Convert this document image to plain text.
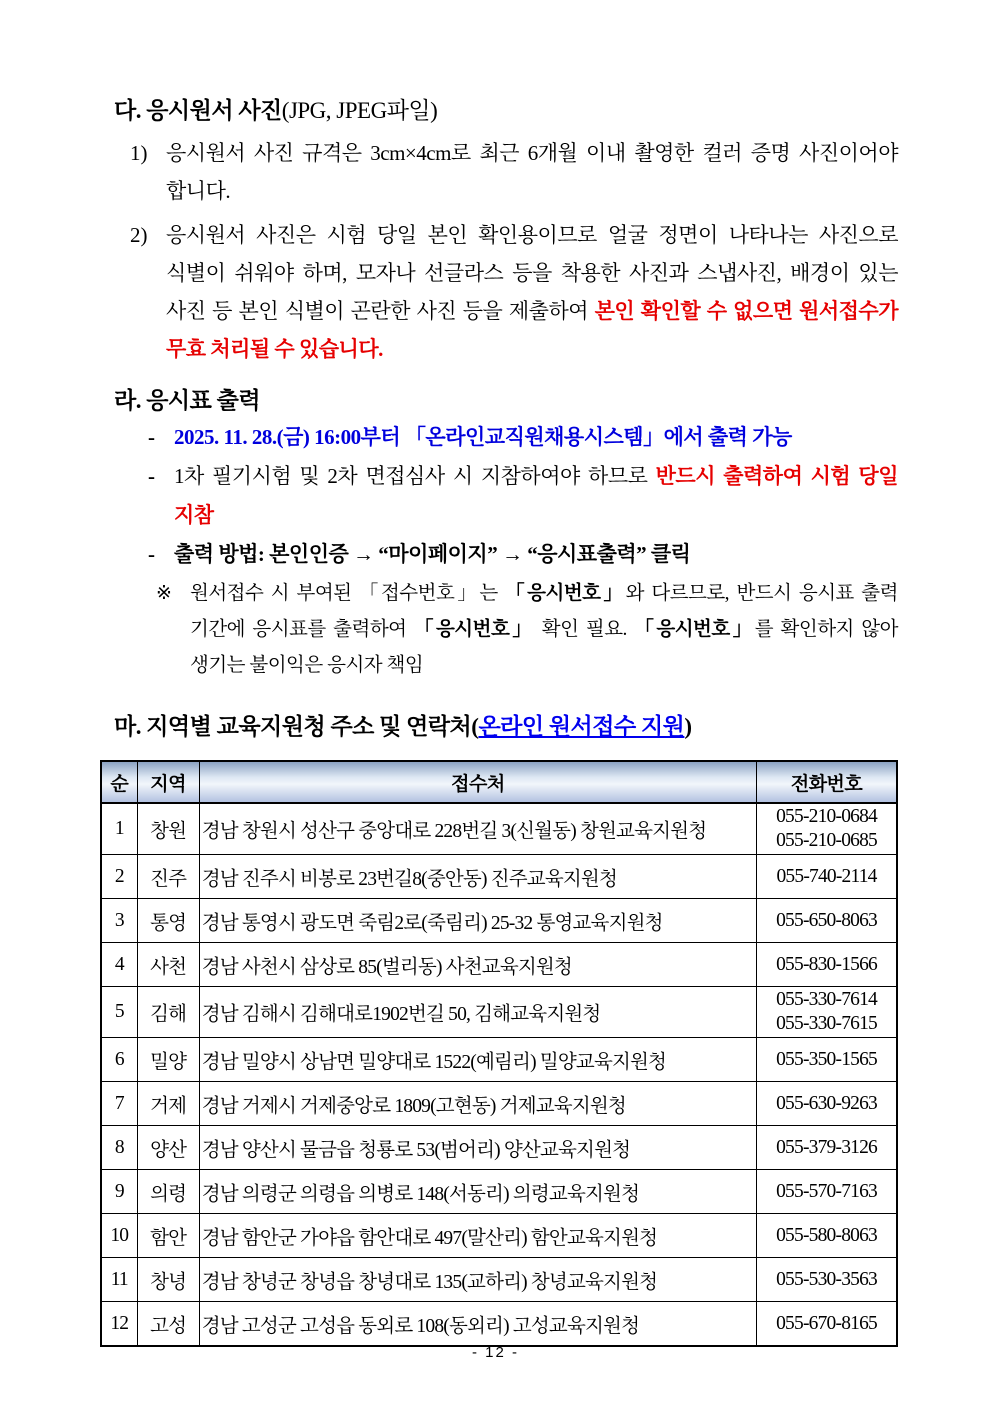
다. 응시원서 사진(JPG, JPEG파일)
1) 응시원서 사진 규격은 3cm×4cm로 최근 6개월 이내 촬영한 컬러 증명 사진이어야 합니다.
2) 응시원서 사진은 시험 당일 본인 확인용이므로 얼굴 정면이 나타나는 사진으로 식별이 쉬워야 하며, 모자나 선글라스 등을 착용한 사진과 스냅사진, 배경이 있는 사진 등 본인 식별이 곤란한 사진 등을 제출하여 본인 확인할 수 없으면 원서접수가 무효 처리될 수 있습니다.
라. 응시표 출력
- 2025. 11. 28.(금) 16:00부터 「온라인교직원채용시스템」에서 출력 가능
- 1차 필기시험 및 2차 면접심사 시 지참하여야 하므로 반드시 출력하여 시험 당일 지참
- 출력 방법: 본인인증 → “마이페이지” → “응시표출력” 클릭
※ 원서접수 시 부여된 「접수번호」는 「응시번호」와 다르므로, 반드시 응시표 출력 기간에 응시표를 출력하여 「응시번호」 확인 필요. 「응시번호」를 확인하지 않아 생기는 불이익은 응시자 책임
마. 지역별 교육지원청 주소 및 연락처(온라인 원서접수 지원)
순	지역	접수처	전화번호
1	창원	경남 창원시 성산구 중앙대로 228번길 3(신월동) 창원교육지원청	055-210-0684
055-210-0685

2	진주	경남 진주시 비봉로 23번길8(중안동) 진주교육지원청	055-740-2114

3	통영	경남 통영시 광도면 죽림2로(죽림리) 25-32 통영교육지원청	055-650-8063

4	사천	경남 사천시 삼상로 85(벌리동) 사천교육지원청	055-830-1566

5	김해	경남 김해시 김해대로1902번길 50, 김해교육지원청	055-330-7614
055-330-7615

6	밀양	경남 밀양시 상남면 밀양대로 1522(예림리) 밀양교육지원청	055-350-1565

7	거제	경남 거제시 거제중앙로 1809(고현동) 거제교육지원청	055-630-9263

8	양산	경남 양산시 물금읍 청룡로 53(범어리) 양산교육지원청	055-379-3126

9	의령	경남 의령군 의령읍 의병로 148(서동리) 의령교육지원청	055-570-7163

10	함안	경남 함안군 가야읍 함안대로 497(말산리) 함안교육지원청	055-580-8063

11	창녕	경남 창녕군 창녕읍 창녕대로 135(교하리) 창녕교육지원청	055-530-3563

12	고성	경남 고성군 고성읍 동외로 108(동외리) 고성교육지원청	055-670-8165
- 12 -
